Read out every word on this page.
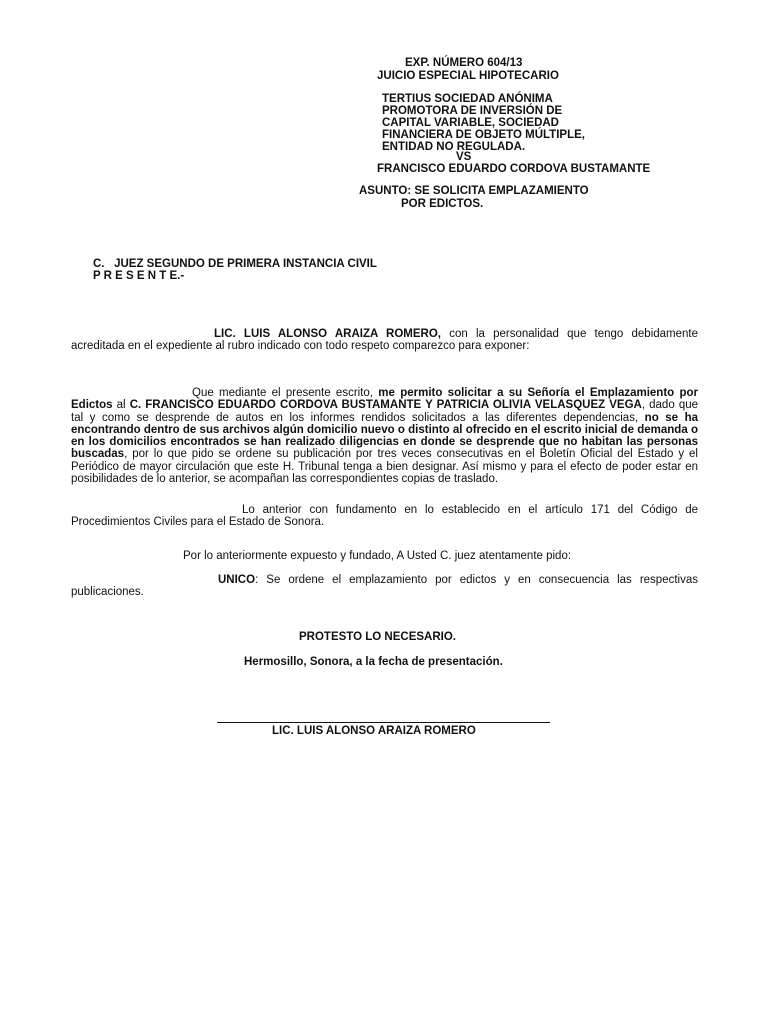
EXP. NÚMERO 604/13
JUICIO ESPECIAL HIPOTECARIO
TERTIUS SOCIEDAD ANÓNIMA
PROMOTORA DE INVERSIÓN DE
CAPITAL VARIABLE, SOCIEDAD
FINANCIERA DE OBJETO MÚLTIPLE,
ENTIDAD NO REGULADA.
VS
FRANCISCO EDUARDO CORDOVA BUSTAMANTE
ASUNTO: SE SOLICITA EMPLAZAMIENTO
POR EDICTOS.
C.   JUEZ SEGUNDO DE PRIMERA INSTANCIA CIVIL
P R E S E N T E.-

LIC. LUIS ALONSO ARAIZA ROMERO, con la personalidad que tengo debidamente acreditada en el expediente al rubro indicado con todo respeto comparezco para exponer:

Que mediante el presente escrito, me permito solicitar a su Señoría el Emplazamiento por Edictos al C. FRANCISCO EDUARDO CORDOVA BUSTAMANTE Y PATRICIA OLIVIA VELASQUEZ VEGA, dado que tal y como se desprende de autos en los informes rendidos solicitados a las diferentes dependencias, no se ha encontrando dentro de sus archivos algún domicilio nuevo o distinto al ofrecido en el escrito inicial de demanda o en los domicilios encontrados se han realizado diligencias en donde se desprende que no habitan las personas buscadas, por lo que pido se ordene su publicación por tres veces consecutivas en el Boletín Oficial del Estado y el Periódico de mayor circulación que este H. Tribunal tenga a bien designar. Así mismo y para el efecto de poder estar en posibilidades de lo anterior, se acompañan las correspondientes copias de traslado.

Lo anterior con fundamento en lo establecido en el artículo 171 del Código de Procedimientos Civiles para el Estado de Sonora.

Por lo anteriormente expuesto y fundado, A Usted C. juez atentamente pido:

UNICO: Se ordene el emplazamiento por edictos y en consecuencia las respectivas publicaciones.

PROTESTO LO NECESARIO.
Hermosillo, Sonora, a la fecha de presentación.
LIC. LUIS ALONSO ARAIZA ROMERO
